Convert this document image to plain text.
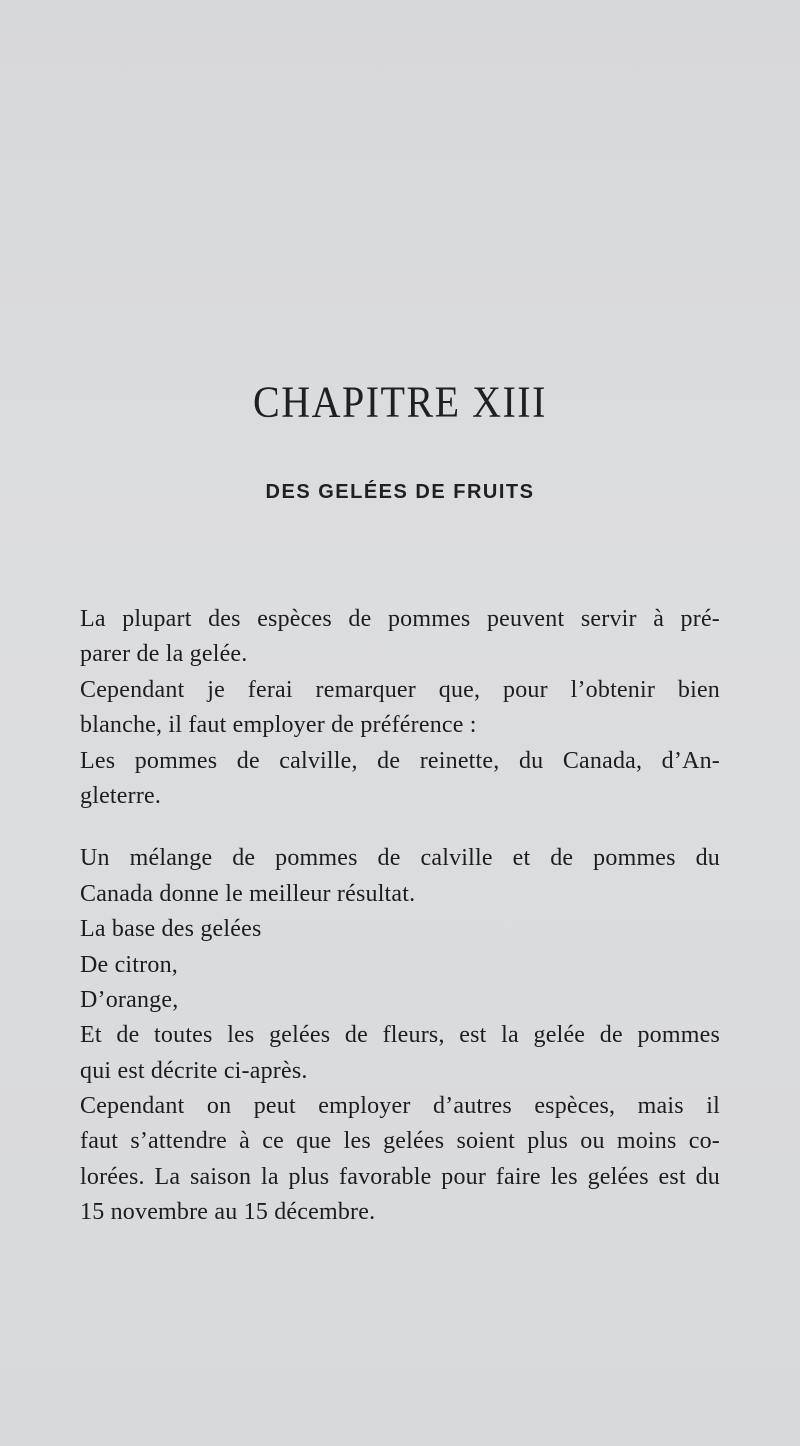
CHAPITRE XIII
DES GELÉES DE FRUITS
La plupart des espèces de pommes peuvent servir à pré-
parer de la gelée.
Cependant je ferai remarquer que, pour l’obtenir bien
blanche, il faut employer de préférence :
Les pommes de calville, de reinette, du Canada, d’An-
gleterre.
Un mélange de pommes de calville et de pommes du
Canada donne le meilleur résultat.
La base des gelées
De citron,
D’orange,
Et de toutes les gelées de fleurs, est la gelée de pommes
qui est décrite ci-après.
Cependant on peut employer d’autres espèces, mais il
faut s’attendre à ce que les gelées soient plus ou moins co-
lorées. La saison la plus favorable pour faire les gelées est du
15 novembre au 15 décembre.
